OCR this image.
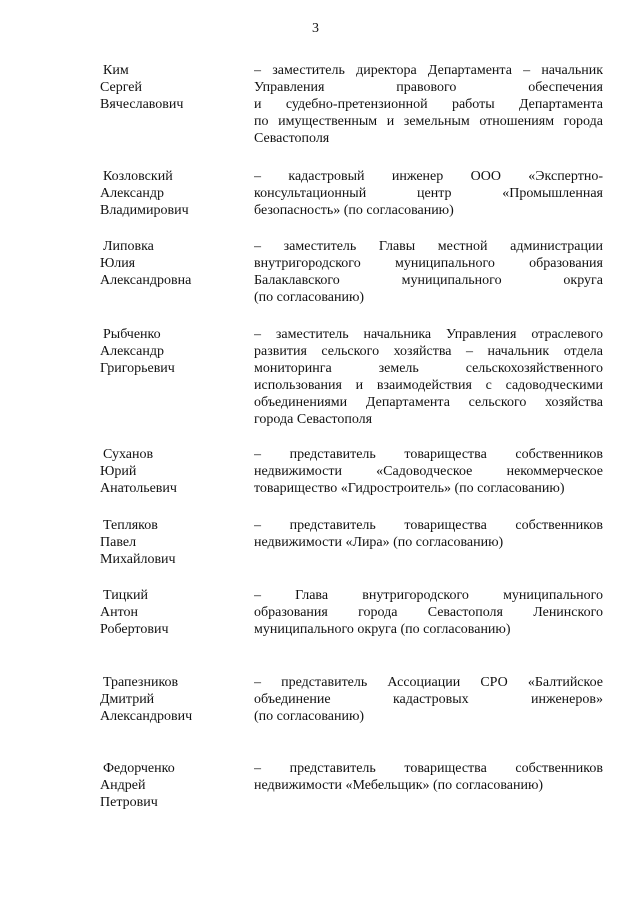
3
Ким
Сергей
Вячеславович
– заместитель директора Департамента – начальник
Управления правового обеспечения
и судебно-претензионной работы Департамента
по имущественным и земельным отношениям города
Севастополя
Козловский
Александр
Владимирович
– кадастровый инженер ООО «Экспертно-
консультационный центр «Промышленная
безопасность» (по согласованию)
Липовка
Юлия
Александровна
– заместитель Главы местной администрации
внутригородского муниципального образования
Балаклавского муниципального округа
(по согласованию)
Рыбченко
Александр
Григорьевич
– заместитель начальника Управления отраслевого
развития сельского хозяйства – начальник отдела
мониторинга земель сельскохозяйственного
использования и взаимодействия с садоводческими
объединениями Департамента сельского хозяйства
города Севастополя
Суханов
Юрий
Анатольевич
– представитель товарищества собственников
недвижимости «Садоводческое некоммерческое
товарищество «Гидростроитель» (по согласованию)
Тепляков
Павел
Михайлович
– представитель товарищества собственников
недвижимости «Лира» (по согласованию)
Тицкий
Антон
Робертович
– Глава внутригородского муниципального
образования города Севастополя Ленинского
муниципального округа (по согласованию)
Трапезников
Дмитрий
Александрович
– представитель Ассоциации СРО «Балтийское
объединение кадастровых инженеров»
(по согласованию)
Федорченко
Андрей
Петрович
– представитель товарищества собственников
недвижимости «Мебельщик» (по согласованию)
